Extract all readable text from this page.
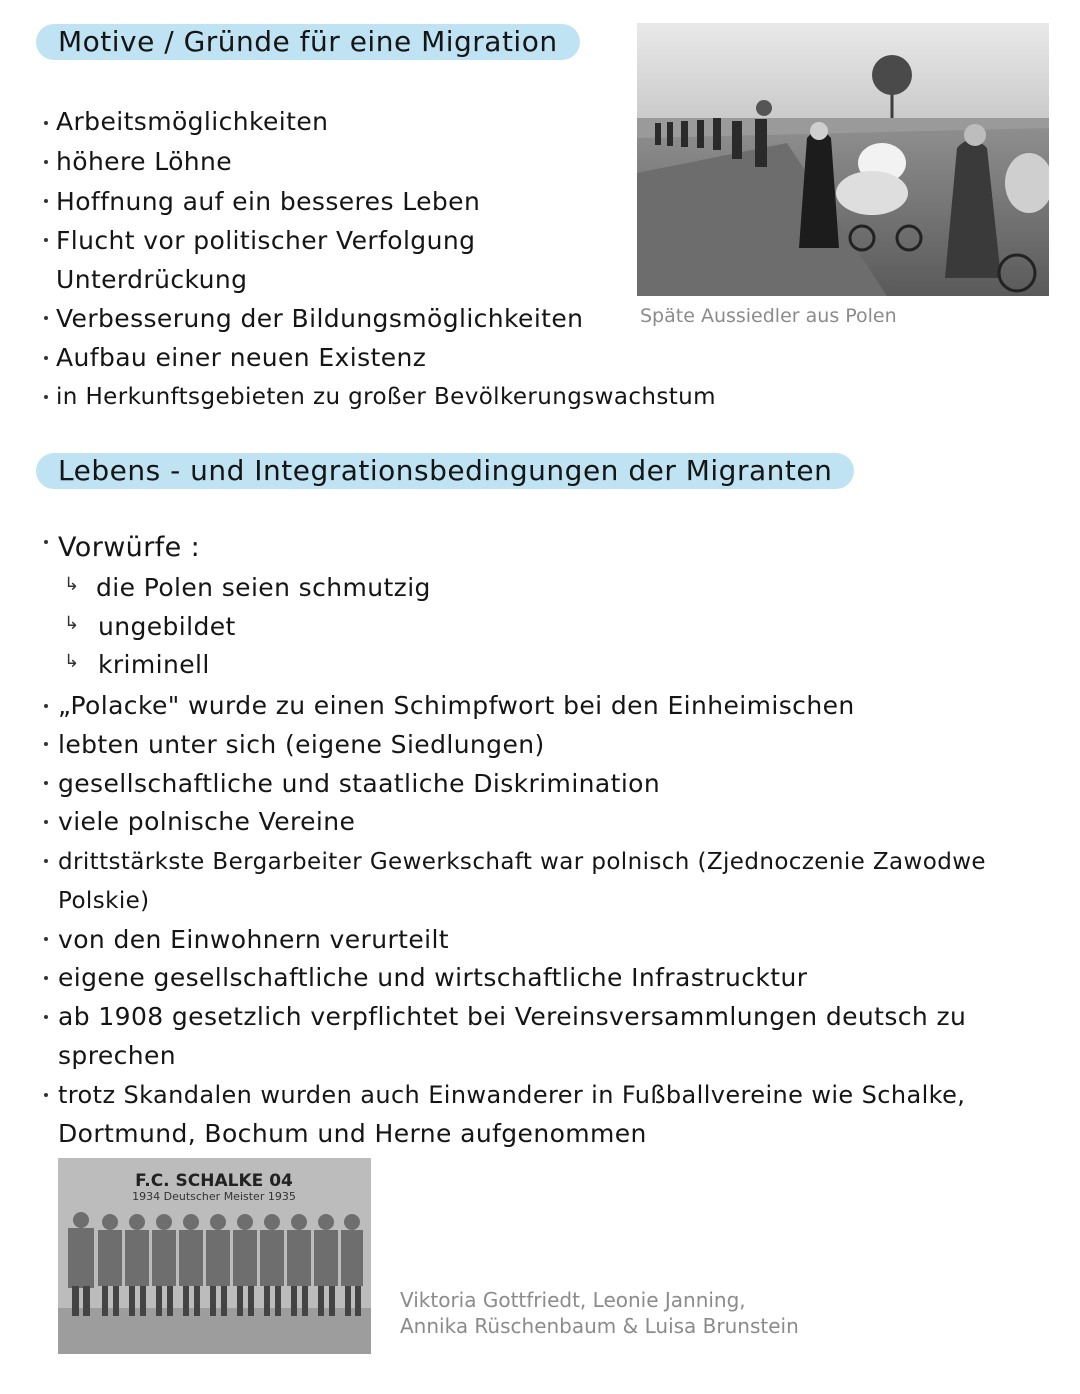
Motive / Gründe für eine Migration
Arbeitsmöglichkeiten
höhere Löhne
Hoffnung auf ein besseres Leben
Flucht vor politischer Verfolgung
Unterdrückung
Verbesserung der Bildungsmöglichkeiten
Aufbau einer neuen Existenz
in Herkunftsgebieten zu großer Bevölkerungswachstum
Späte Aussiedler aus Polen
Lebens - und Integrationsbedingungen der Migranten
Vorwürfe :
↳ die Polen seien schmutzig
↳ ungebildet
↳ kriminell
„Polacke" wurde zu einen Schimpfwort bei den Einheimischen
lebten unter sich (eigene Siedlungen)
gesellschaftliche und staatliche Diskrimination
viele polnische Vereine
drittstärkste Bergarbeiter Gewerkschaft war polnisch (Zjednoczenie Zawodwe
Polskie)
von den Einwohnern verurteilt
eigene gesellschaftliche und wirtschaftliche Infrastrucktur
ab 1908 gesetzlich verpflichtet bei Vereinsversammlungen deutsch zu
sprechen
trotz Skandalen wurden auch Einwanderer in Fußballvereine wie Schalke,
Dortmund, Bochum und Herne aufgenommen
F.C. SCHALKE 04
1934 Deutscher Meister 1935
Viktoria Gottfriedt, Leonie Janning,
Annika Rüschenbaum & Luisa Brunstein
